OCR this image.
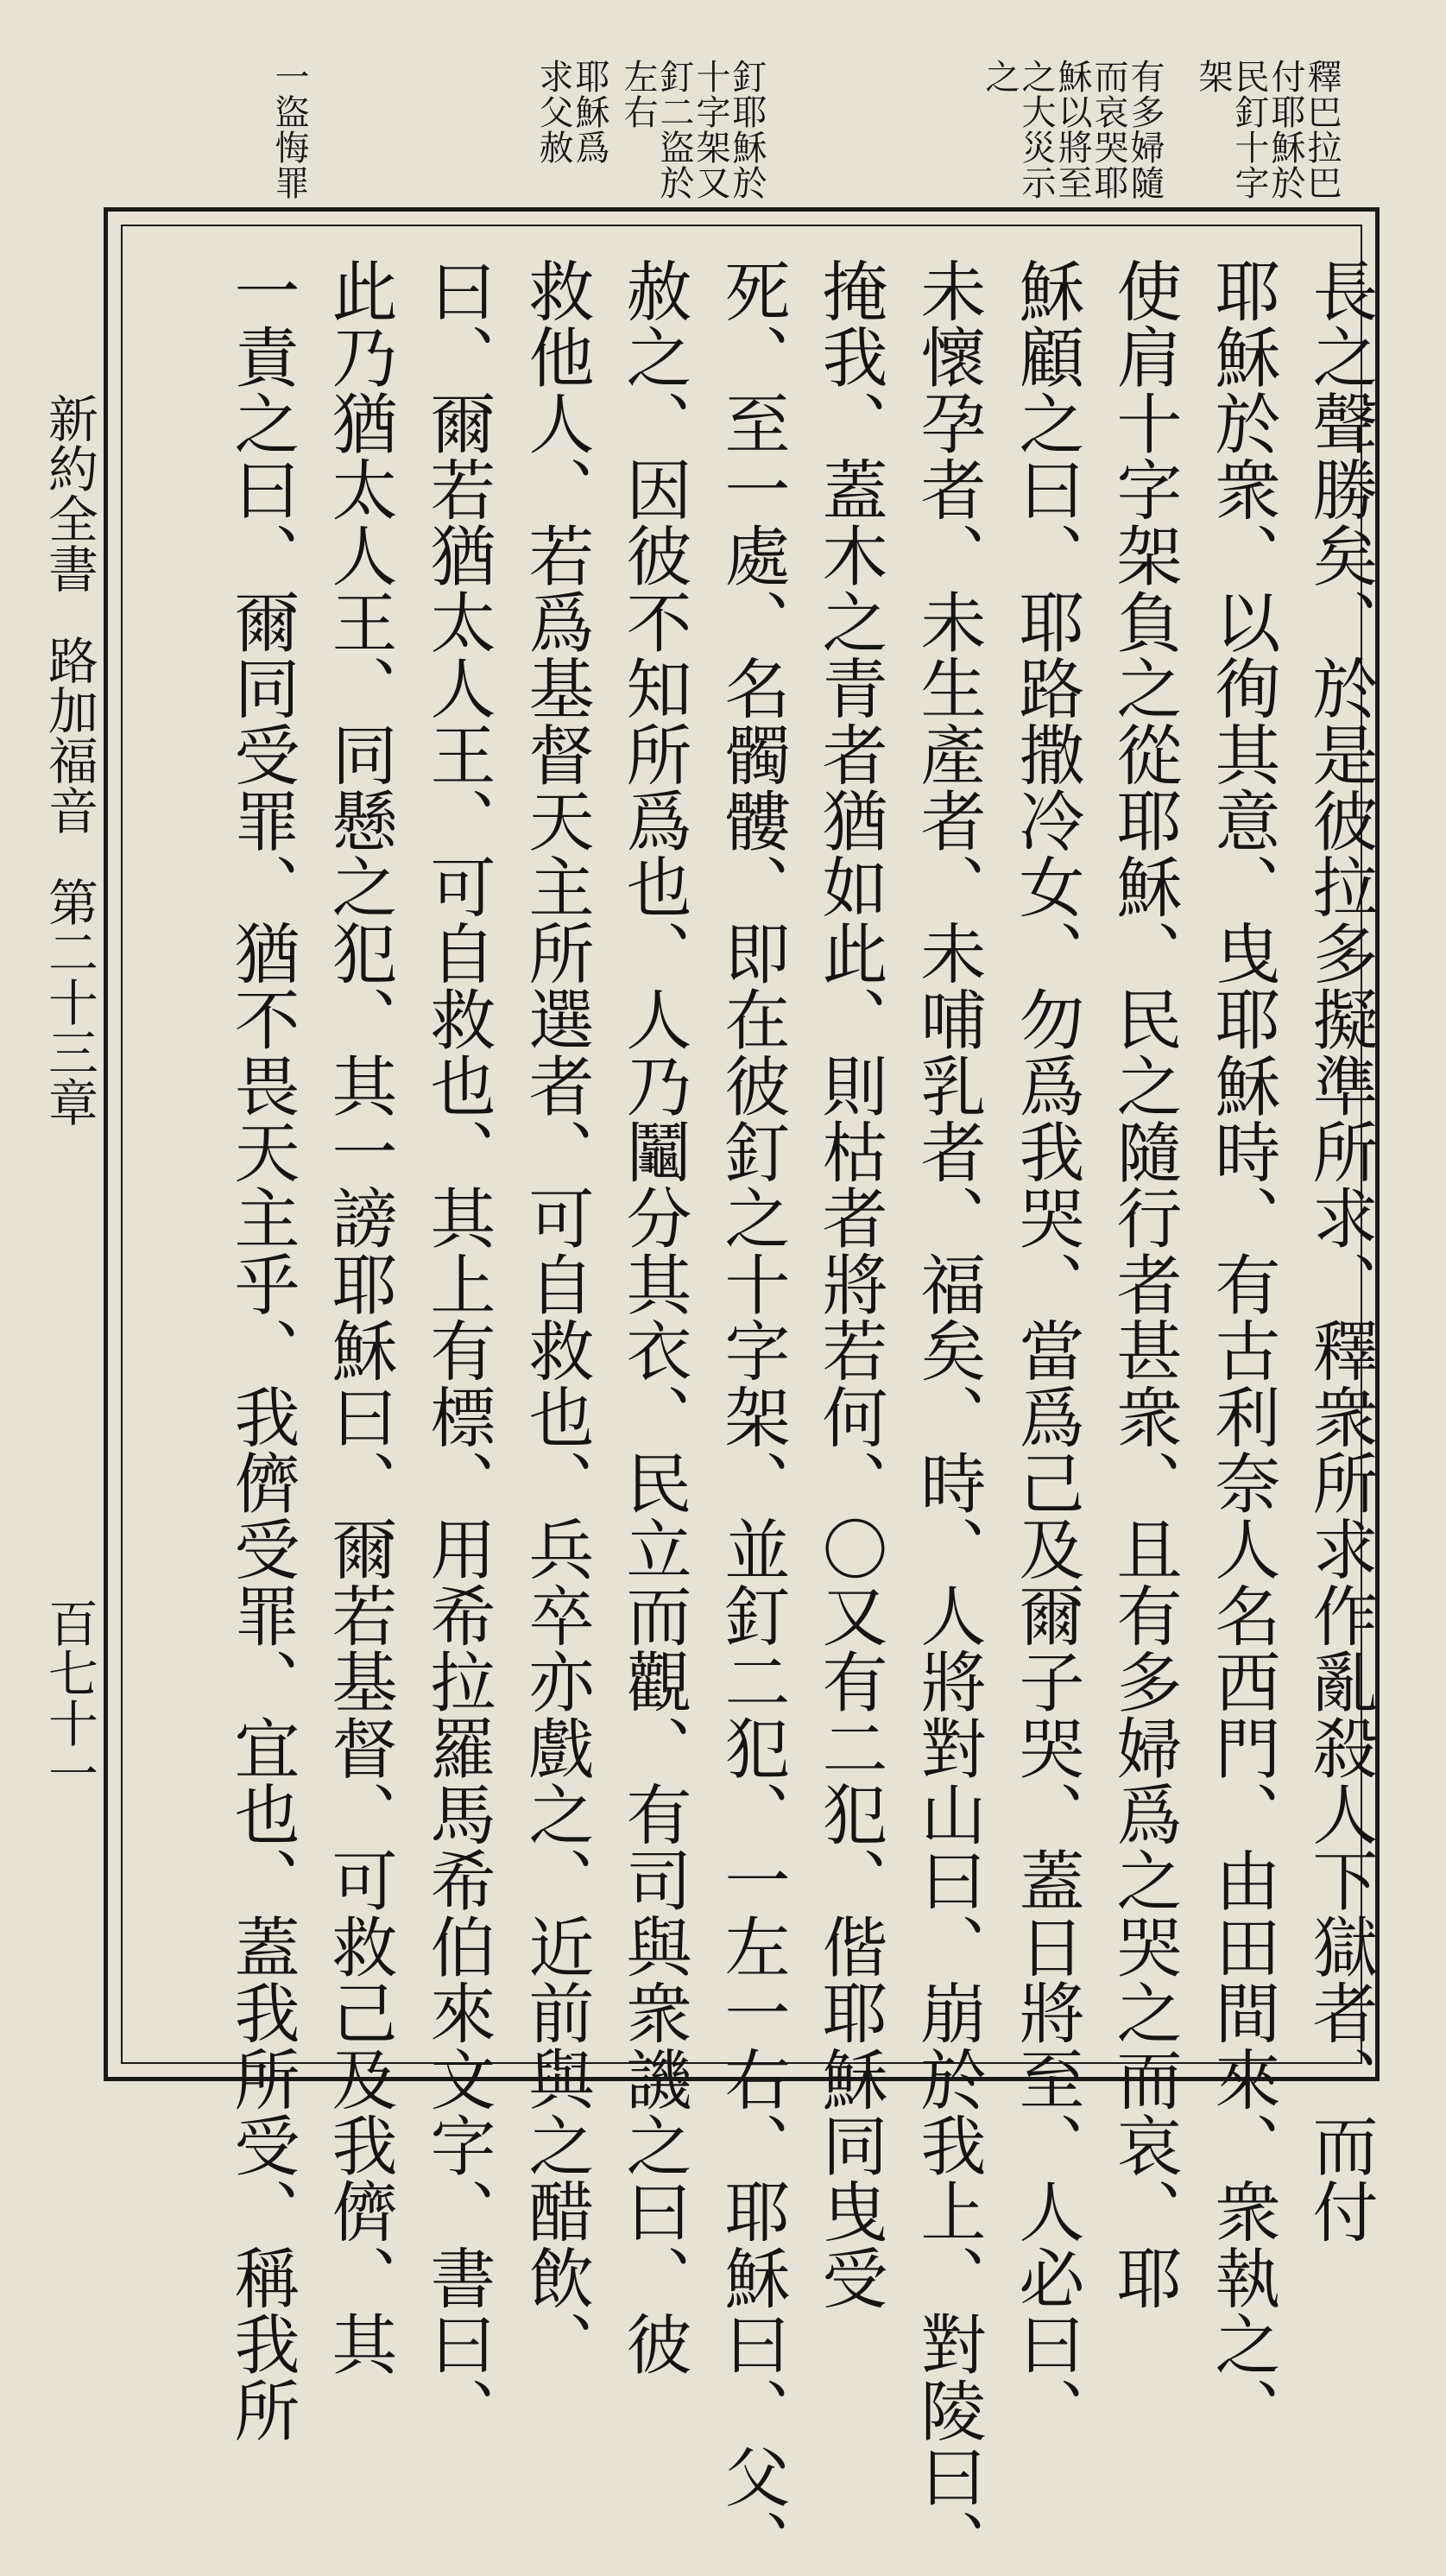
釋巴拉巴
付耶穌於
民釘十字
架
有多婦隨
而哀哭耶
穌以將至
之大災示
之
釘耶穌於
十字架又
釘二盜於
左右
耶穌爲
求父赦
一盜悔罪
長之聲勝矣、於是彼拉多擬準所求、釋衆所求作亂殺人下獄者、而付
耶穌於衆、以徇其意、曳耶穌時、有古利奈人名西門、由田間來、衆執之、
使肩十字架負之從耶穌、民之隨行者甚衆、且有多婦爲之哭之而哀、耶
穌顧之曰、耶路撒冷女、勿爲我哭、當爲己及爾子哭、蓋日將至、人必曰、
未懷孕者、未生產者、未哺乳者、福矣、時、人將對山曰、崩於我上、對陵曰、
掩我、蓋木之青者猶如此、則枯者將若何、〇又有二犯、偕耶穌同曳受
死、至一處、名髑髏、即在彼釘之十字架、並釘二犯、一左一右、耶穌曰、父、
赦之、因彼不知所爲也、人乃鬮分其衣、民立而觀、有司與衆譏之曰、彼
救他人、若爲基督天主所選者、可自救也、兵卒亦戲之、近前與之醋飲、
曰、爾若猶太人王、可自救也、其上有標、用希拉羅馬希伯來文字、書曰、
此乃猶太人王、同懸之犯、其一謗耶穌曰、爾若基督、可救己及我儕、其
一責之曰、爾同受罪、猶不畏天主乎、我儕受罪、宜也、蓋我所受、稱我所
新約全書
路加福音
第二十三章
百七十一
